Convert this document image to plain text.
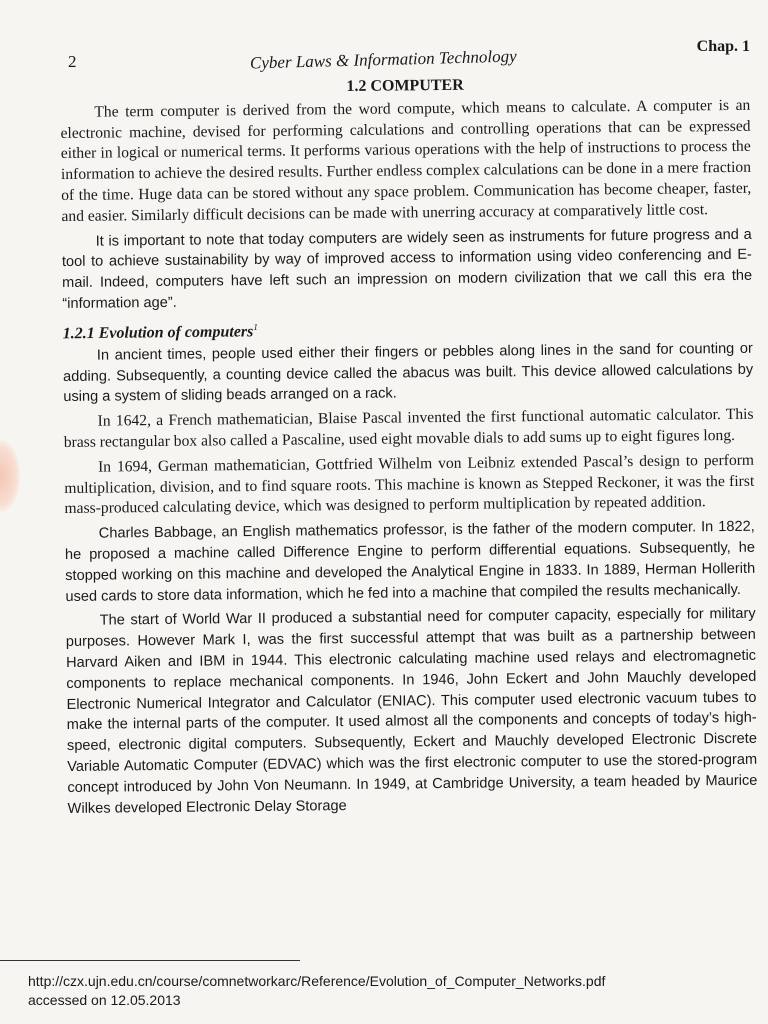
2	Cyber Laws & Information Technology
Chap. 1
1.2 COMPUTER

The term computer is derived from the word compute, which means to calculate. A computer is an electronic machine, devised for performing calculations and controlling operations that can be expressed either in logical or numerical terms. It performs various operations with the help of instructions to process the information to achieve the desired results. Further endless complex calculations can be done in a mere fraction of the time. Huge data can be stored without any space problem. Communication has become cheaper, faster, and easier. Similarly difficult decisions can be made with unerring accuracy at comparatively little cost.

It is important to note that today computers are widely seen as instruments for future progress and a tool to achieve sustainability by way of improved access to information using video conferencing and E-mail. Indeed, computers have left such an impression on modern civilization that we call this era the “information age”.

1.2.1 Evolution of computers$^1$

In ancient times, people used either their fingers or pebbles along lines in the sand for counting or adding. Subsequently, a counting device called the abacus was built. This device allowed calculations by using a system of sliding beads arranged on a rack.

In 1642, a French mathematician, Blaise Pascal invented the first functional automatic calculator. This brass rectangular box also called a Pascaline, used eight movable dials to add sums up to eight figures long.

In 1694, German mathematician, Gottfried Wilhelm von Leibniz extended Pascal’s design to perform multiplication, division, and to find square roots. This machine is known as Stepped Reckoner, it was the first mass-produced calculating device, which was designed to perform multiplication by repeated addition.

Charles Babbage, an English mathematics professor, is the father of the modern computer. In 1822, he proposed a machine called Difference Engine to perform differential equations. Subsequently, he stopped working on this machine and developed the Analytical Engine in 1833. In 1889, Herman Hollerith used cards to store data information, which he fed into a machine that compiled the results mechanically.

The start of World War II produced a substantial need for computer capacity, especially for military purposes. However Mark I, was the first successful attempt that was built as a partnership between Harvard Aiken and IBM in 1944. This electronic calculating machine used relays and electromagnetic components to replace mechanical components. In 1946, John Eckert and John Mauchly developed Electronic Numerical Integrator and Calculator (ENIAC). This computer used electronic vacuum tubes to make the internal parts of the computer. It used almost all the components and concepts of today’s high-speed, electronic digital computers. Subsequently, Eckert and Mauchly developed Electronic Discrete Variable Automatic Computer (EDVAC) which was the first electronic computer to use the stored-program concept introduced by John Von Neumann. In 1949, at Cambridge University, a team headed by Maurice Wilkes developed Electronic Delay Storage

http://czx.ujn.edu.cn/course/comnetworkarc/Reference/Evolution_of_Computer_Networks.pdf
accessed on 12.05.2013
